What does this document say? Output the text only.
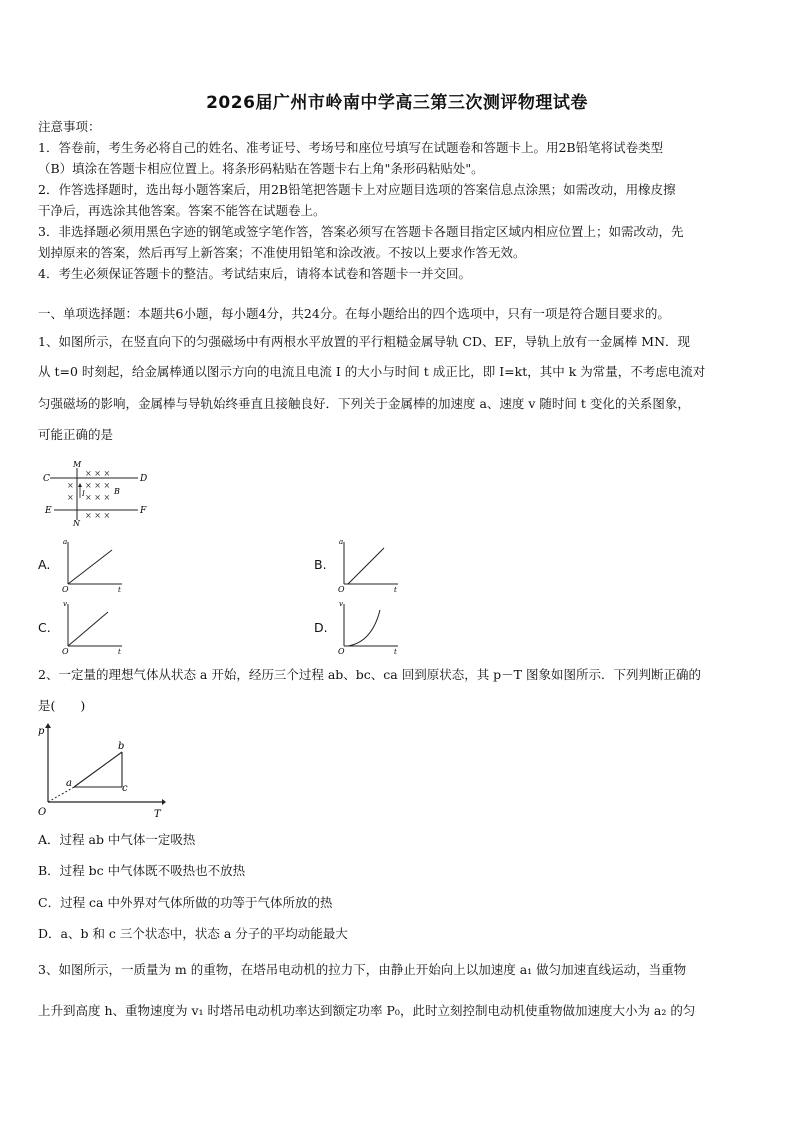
2026届广州市岭南中学高三第三次测评物理试卷
注意事项：
1．答卷前，考生务必将自己的姓名、准考证号、考场号和座位号填写在试题卷和答题卡上。用2B铅笔将试卷类型
（B）填涂在答题卡相应位置上。将条形码粘贴在答题卡右上角"条形码粘贴处"。
2．作答选择题时，选出每小题答案后，用2B铅笔把答题卡上对应题目选项的答案信息点涂黑；如需改动，用橡皮擦
干净后，再选涂其他答案。答案不能答在试题卷上。
3．非选择题必须用黑色字迹的钢笔或签字笔作答，答案必须写在答题卡各题目指定区域内相应位置上；如需改动，先
划掉原来的答案，然后再写上新答案；不准使用铅笔和涂改液。不按以上要求作答无效。
4．考生必须保证答题卡的整洁。考试结束后，请将本试卷和答题卡一并交回。
一、单项选择题：本题共6小题，每小题4分，共24分。在每小题给出的四个选项中，只有一项是符合题目要求的。
1、如图所示，在竖直向下的匀强磁场中有两根水平放置的平行粗糙金属导轨 CD、EF，导轨上放有一金属棒 MN．现
从 t=0 时刻起，给金属棒通以图示方向的电流且电流 I 的大小与时间 t 成正比，即 I=kt，其中 k 为常量，不考虑电流对
匀强磁场的影响，金属棒与导轨始终垂直且接触良好．下列关于金属棒的加速度 a、速度 v 随时间 t 变化的关系图象，
可能正确的是
× × ×
× × × ×
× × × ×
× × ×
C	D
E	F
M
N
B
I
A.
a
t
O
B.
a
t
O
C.
v
t
O
D.
v
t
O
2、一定量的理想气体从状态 a 开始，经历三个过程 ab、bc、ca 回到原状态，其 p－T 图象如图所示．下列判断正确的
是(　　)
p
T
O
a
b
c
A．过程 ab 中气体一定吸热
B．过程 bc 中气体既不吸热也不放热
C．过程 ca 中外界对气体所做的功等于气体所放的热
D．a、b 和 c 三个状态中，状态 a 分子的平均动能最大
3、如图所示，一质量为 m 的重物，在塔吊电动机的拉力下，由静止开始向上以加速度 a₁ 做匀加速直线运动，当重物
上升到高度 h、重物速度为 v₁ 时塔吊电动机功率达到额定功率 P₀，此时立刻控制电动机使重物做加速度大小为 a₂ 的匀
